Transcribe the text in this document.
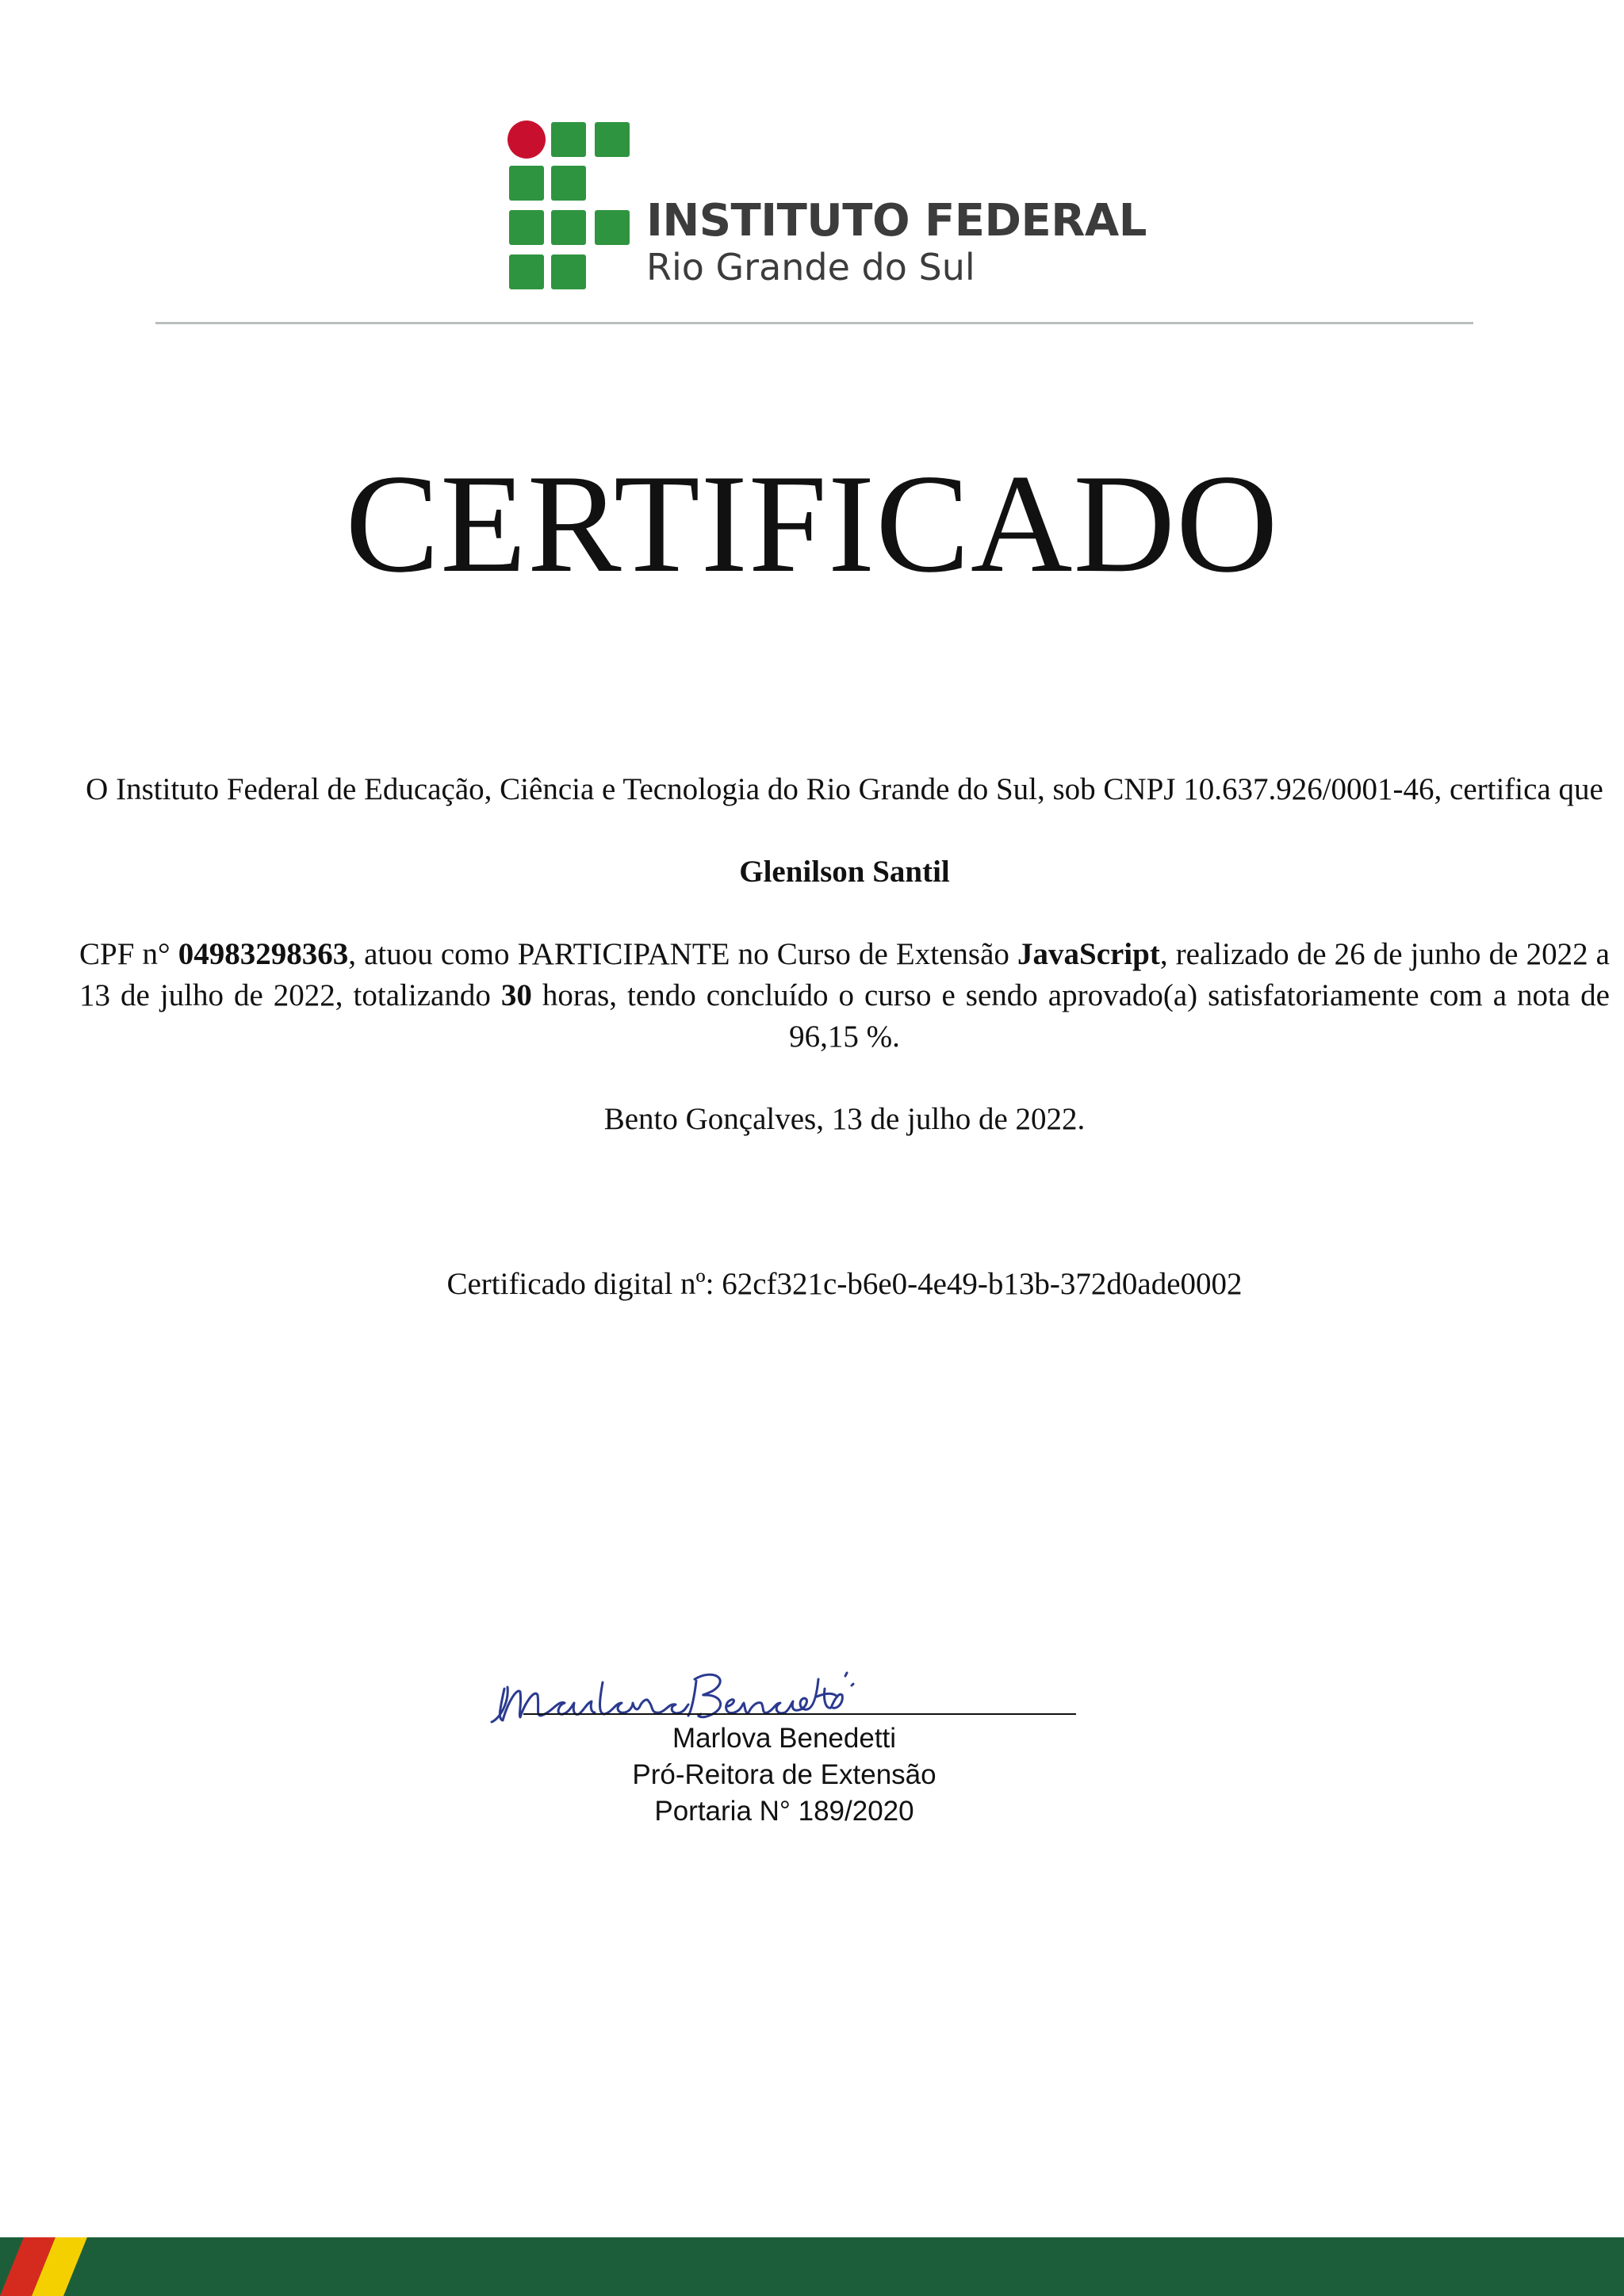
INSTITUTO FEDERAL
Rio Grande do Sul
CERTIFICADO

O Instituto Federal de Educação, Ciência e Tecnologia do Rio Grande do Sul, sob CNPJ 10.637.926/0001-46, certifica que

Glenilson Santil

CPF n° 04983298363, atuou como PARTICIPANTE no Curso de Extensão JavaScript, realizado de 26 de junho de 2022 a 13 de julho de 2022, totalizando 30 horas, tendo concluído o curso e sendo aprovado(a) satisfatoriamente com a nota de 96,15 %.

Bento Gonçalves, 13 de julho de 2022.

Certificado digital nº: 62cf321c-b6e0-4e49-b13b-372d0ade0002

Marlova Benedetti
Pró-Reitora de Extensão
Portaria N° 189/2020
